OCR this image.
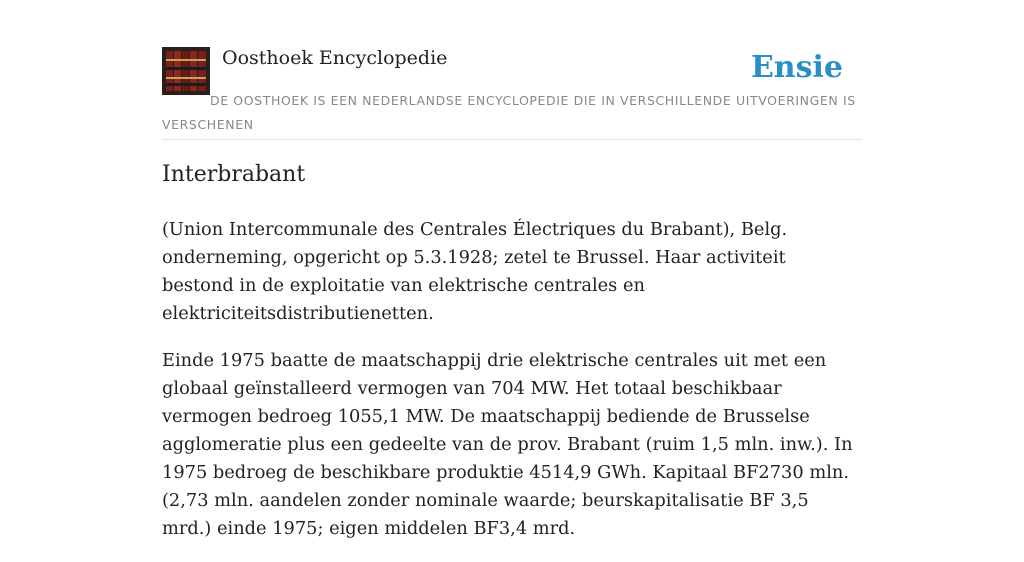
Oosthoek Encyclopedie	Ensie
DE OOSTHOEK IS EEN NEDERLANDSE ENCYCLOPEDIE DIE IN VERSCHILLENDE UITVOERINGEN IS VERSCHENEN
Interbrabant

(Union Intercommunale des Centrales Électriques du Brabant), Belg. onderneming, opgericht op 5.3.1928; zetel te Brussel. Haar activiteit bestond in de exploitatie van elektrische centrales en elektriciteitsdistributienetten.

Einde 1975 baatte de maatschappij drie elektrische centrales uit met een globaal geïnstalleerd vermogen van 704 MW. Het totaal beschikbaar vermogen bedroeg 1055,1 MW. De maatschappij bediende de Brusselse agglomeratie plus een gedeelte van de prov. Brabant (ruim 1,5 mln. inw.). In 1975 bedroeg de beschikbare produktie 4514,9 GWh. Kapitaal BF2730 mln. (2,73 mln. aandelen zonder nominale waarde; beurskapitalisatie BF 3,5 mrd.) einde 1975; eigen middelen BF3,4 mrd.
